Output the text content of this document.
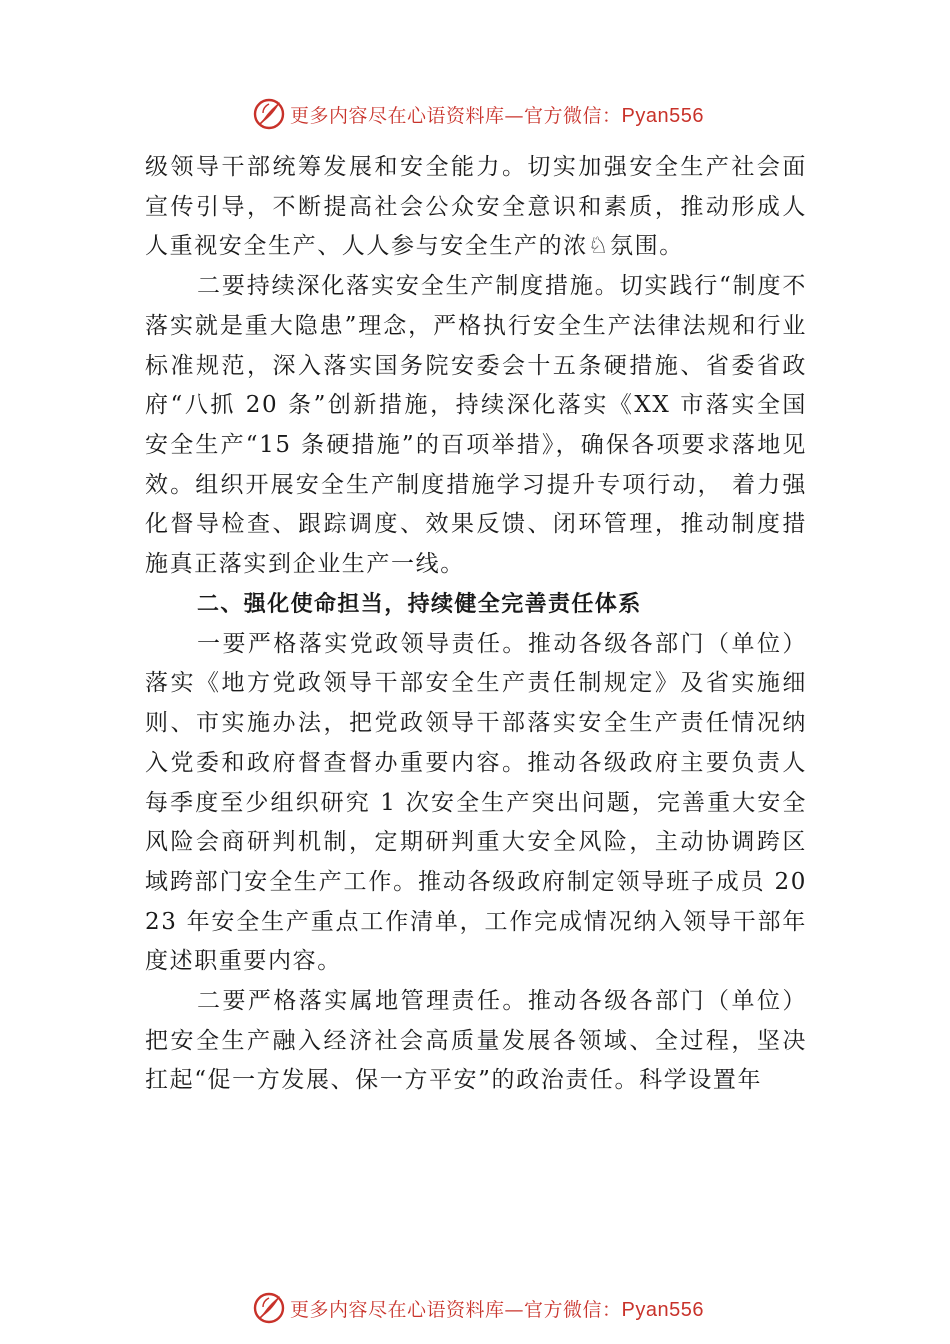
更多内容尽在心语资料库—官方微信：Pyan556

级领导干部统筹发展和安全能力。切实加强安全生产社会面宣传引导，不断提高社会公众安全意识和素质，推动形成人人重视安全生产、人人参与安全生产的浓♘氛围。

二要持续深化落实安全生产制度措施。切实践行“制度不落实就是重大隐患”理念，严格执行安全生产法律法规和行业标准规范，深入落实国务院安委会十五条硬措施、省委省政府“八抓 20 条”创新措施，持续深化落实《XX 市落实全国安全生产“15 条硬措施”的百项举措》，确保各项要求落地见效。组织开展安全生产制度措施学习提升专项行动， 着力强化督导检查、跟踪调度、效果反馈、闭环管理，推动制度措施真正落实到企业生产一线。

二、强化使命担当，持续健全完善责任体系

一要严格落实党政领导责任。推动各级各部门（单位）落实《地方党政领导干部安全生产责任制规定》及省实施细则、市实施办法，把党政领导干部落实安全生产责任情况纳入党委和政府督查督办重要内容。推动各级政府主要负责人每季度至少组织研究 1 次安全生产突出问题，完善重大安全风险会商研判机制，定期研判重大安全风险，主动协调跨区域跨部门安全生产工作。推动各级政府制定领导班子成员 2023 年安全生产重点工作清单，工作完成情况纳入领导干部年度述职重要内容。

二要严格落实属地管理责任。推动各级各部门（单位）把安全生产融入经济社会高质量发展各领域、全过程，坚决扛起“促一方发展、保一方平安”的政治责任。科学设置年

更多内容尽在心语资料库—官方微信：Pyan556
